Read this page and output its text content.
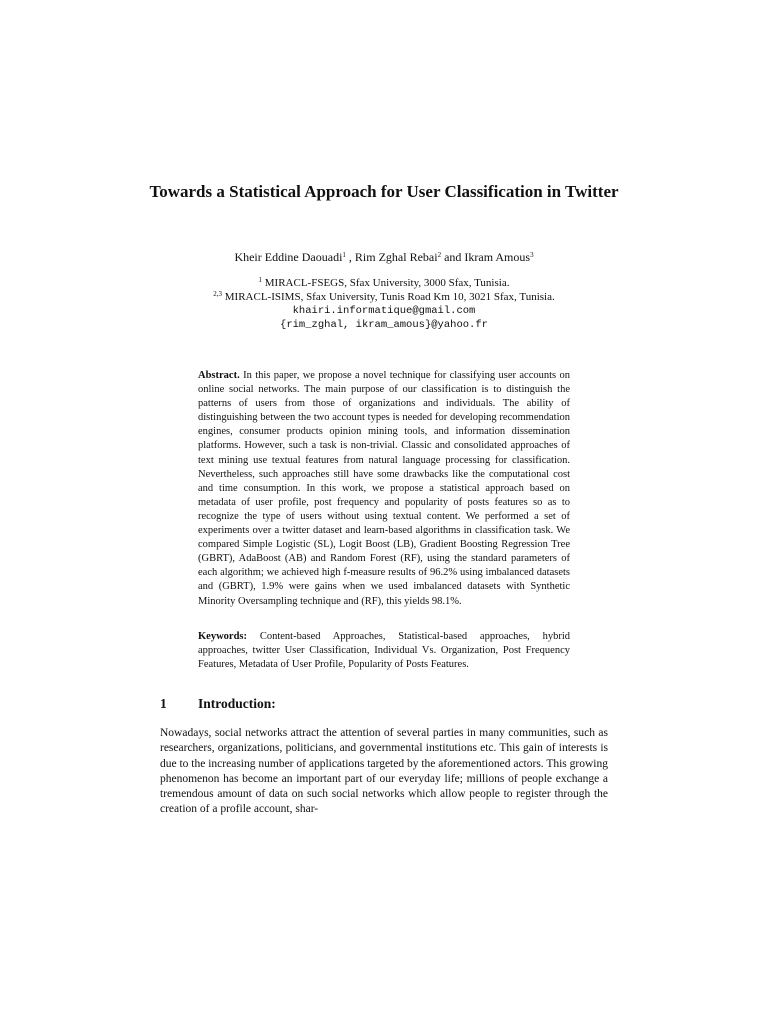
Towards a Statistical Approach for User Classification in Twitter
Kheir Eddine Daouadi$^1$ , Rim Zghal Rebai$^2$ and Ikram Amous$^3$
$^1$ MIRACL-FSEGS, Sfax University, 3000 Sfax, Tunisia.
$^{2,3}$ MIRACL-ISIMS, Sfax University, Tunis Road Km 10, 3021 Sfax, Tunisia.
khairi.informatique@gmail.com
{rim_zghal, ikram_amous}@yahoo.fr
Abstract. In this paper, we propose a novel technique for classifying user accounts on online social networks. The main purpose of our classification is to distinguish the patterns of users from those of organizations and individuals. The ability of distinguishing between the two account types is needed for developing recommendation engines, consumer products opinion mining tools, and information dissemination platforms. However, such a task is non-trivial. Classic and consolidated approaches of text mining use textual features from natural language processing for classification. Nevertheless, such approaches still have some drawbacks like the computational cost and time consumption. In this work, we propose a statistical approach based on metadata of user profile, post frequency and popularity of posts features so as to recognize the type of users without using textual content. We performed a set of experiments over a twitter dataset and learn-based algorithms in classification task. We compared Simple Logistic (SL), Logit Boost (LB), Gradient Boosting Regression Tree (GBRT), AdaBoost (AB) and Random Forest (RF), using the standard parameters of each algorithm; we achieved high f-measure results of 96.2% using imbalanced datasets and (GBRT), 1.9% were gains when we used imbalanced datasets with Synthetic Minority Oversampling technique and (RF), this yields 98.1%.
Keywords: Content-based Approaches, Statistical-based approaches, hybrid approaches, twitter User Classification, Individual Vs. Organization, Post Frequency Features, Metadata of User Profile, Popularity of Posts Features.
1 Introduction:
Nowadays, social networks attract the attention of several parties in many communities, such as researchers, organizations, politicians, and governmental institutions etc. This gain of interests is due to the increasing number of applications targeted by the aforementioned actors. This growing phenomenon has become an important part of our everyday life; millions of people exchange a tremendous amount of data on such social networks which allow people to register through the creation of a profile account, shar-
